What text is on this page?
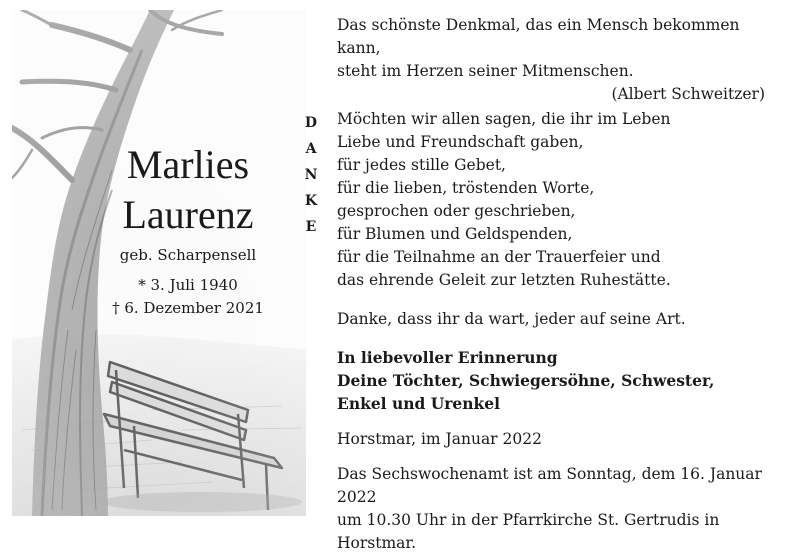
Marlies
Laurenz
geb. Scharpensell
* 3. Juli 1940
† 6. Dezember 2021
Das schönste Denkmal, das ein Mensch bekommen kann,
steht im Herzen seiner Mitmenschen.
(Albert Schweitzer)
D
A
N
K
E
Möchten wir allen sagen, die ihr im Leben
Liebe und Freundschaft gaben,
für jedes stille Gebet,
für die lieben, tröstenden Worte,
gesprochen oder geschrieben,
für Blumen und Geldspenden,
für die Teilnahme an der Trauerfeier und
das ehrende Geleit zur letzten Ruhestätte.
Danke, dass ihr da wart, jeder auf seine Art.
In liebevoller Erinnerung
Deine Töchter, Schwiegersöhne, Schwester,
Enkel und Urenkel
Horstmar, im Januar 2022
Das Sechswochenamt ist am Sonntag, dem 16. Januar 2022
um 10.30 Uhr in der Pfarrkirche St. Gertrudis in Horstmar.
